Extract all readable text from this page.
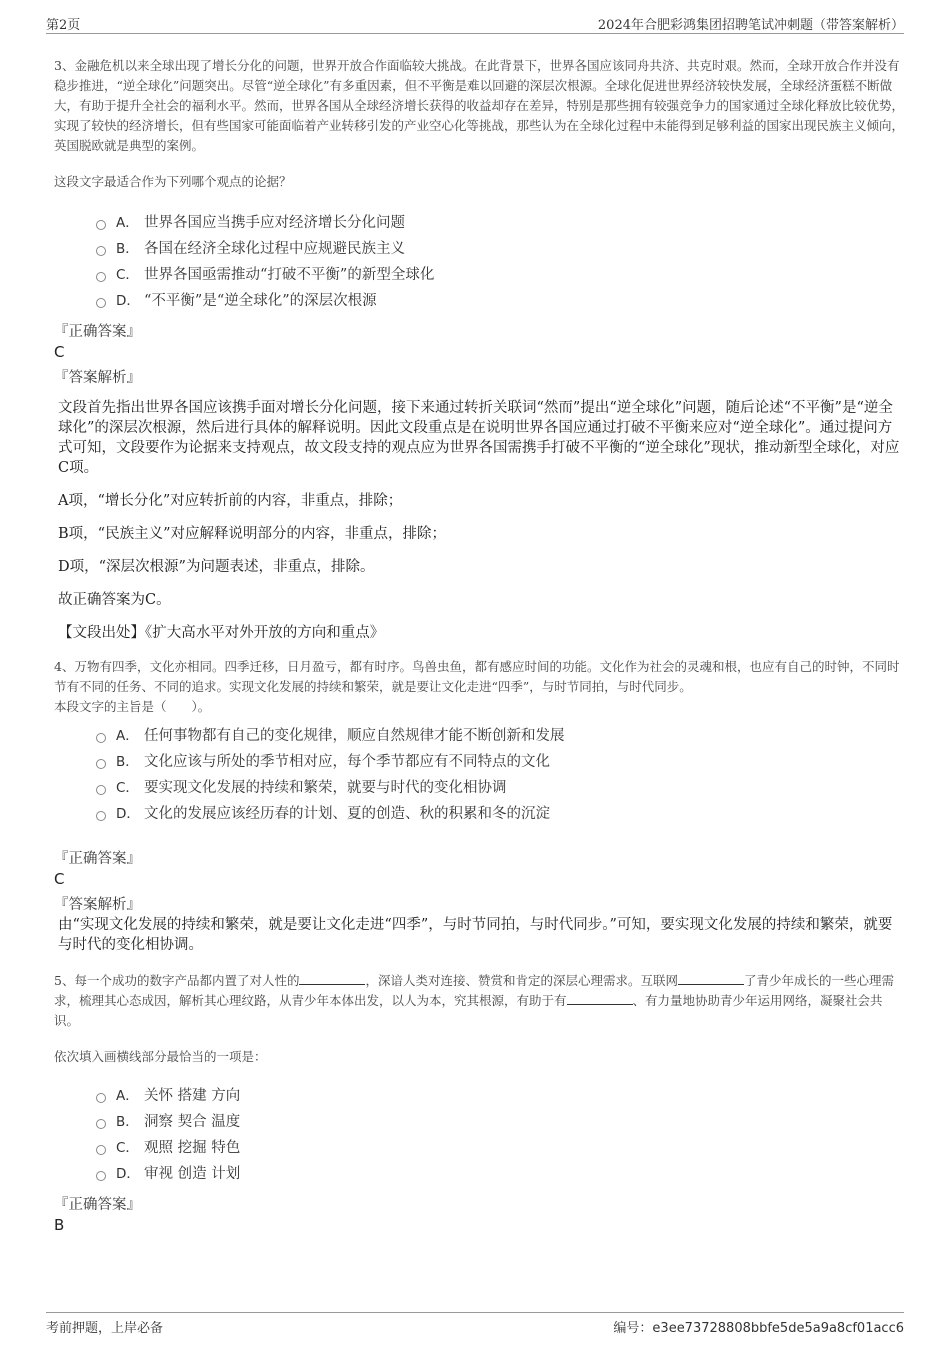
第2页	2024年合肥彩鸿集团招聘笔试冲刺题（带答案解析）
3、金融危机以来全球出现了增长分化的问题，世界开放合作面临较大挑战。在此背景下，世界各国应该同舟共济、共克时艰。然而，全球开放合作并没有稳步推进，“逆全球化”问题突出。尽管“逆全球化”有多重因素，但不平衡是难以回避的深层次根源。全球化促进世界经济较快发展，全球经济蛋糕不断做大，有助于提升全社会的福利水平。然而，世界各国从全球经济增长获得的收益却存在差异，特别是那些拥有较强竞争力的国家通过全球化释放比较优势，实现了较快的经济增长，但有些国家可能面临着产业转移引发的产业空心化等挑战，那些认为在全球化过程中未能得到足够利益的国家出现民族主义倾向，英国脱欧就是典型的案例。
这段文字最适合作为下列哪个观点的论据？
A． 世界各国应当携手应对经济增长分化问题
B． 各国在经济全球化过程中应规避民族主义
C． 世界各国亟需推动“打破不平衡”的新型全球化
D． “不平衡”是“逆全球化”的深层次根源
『正确答案』
C
『答案解析』

文段首先指出世界各国应该携手面对增长分化问题，接下来通过转折关联词“然而”提出“逆全球化”问题，随后论述“不平衡”是“逆全球化”的深层次根源，然后进行具体的解释说明。因此文段重点是在说明世界各国应通过打破不平衡来应对“逆全球化”。通过提问方式可知，文段要作为论据来支持观点，故文段支持的观点应为世界各国需携手打破不平衡的“逆全球化”现状，推动新型全球化，对应C项。

A项，“增长分化”对应转折前的内容，非重点，排除；

B项，“民族主义”对应解释说明部分的内容，非重点，排除；

D项，“深层次根源”为问题表述，非重点，排除。

故正确答案为C。

【文段出处】《扩大高水平对外开放的方向和重点》
4、万物有四季，文化亦相同。四季迁移，日月盈亏，都有时序。鸟兽虫鱼，都有感应时间的功能。文化作为社会的灵魂和根，也应有自己的时钟，不同时节有不同的任务、不同的追求。实现文化发展的持续和繁荣，就是要让文化走进“四季”，与时节同拍，与时代同步。
本段文字的主旨是（　　）。
A． 任何事物都有自己的变化规律，顺应自然规律才能不断创新和发展
B． 文化应该与所处的季节相对应，每个季节都应有不同特点的文化
C． 要实现文化发展的持续和繁荣，就要与时代的变化相协调
D． 文化的发展应该经历春的计划、夏的创造、秋的积累和冬的沉淀
『正确答案』
C
『答案解析』
由“实现文化发展的持续和繁荣，就是要让文化走进“四季”，与时节同拍，与时代同步。”可知，要实现文化发展的持续和繁荣，就要与时代的变化相协调。
5、每一个成功的数字产品都内置了对人性的	，深谙人类对连接、赞赏和肯定的深层心理需求。互联网	了青少年成长的一些心理需求，梳理其心态成因，解析其心理纹路，从青少年本体出发，以人为本，究其根源，有助于有	、有力量地协助青少年运用网络，凝聚社会共识。
依次填入画横线部分最恰当的一项是：
A． 关怀 搭建 方向
B． 洞察 契合 温度
C． 观照 挖掘 特色
D． 审视 创造 计划
『正确答案』
B
考前押题，上岸必备	编号：e3ee73728808bbfe5de5a9a8cf01acc6
